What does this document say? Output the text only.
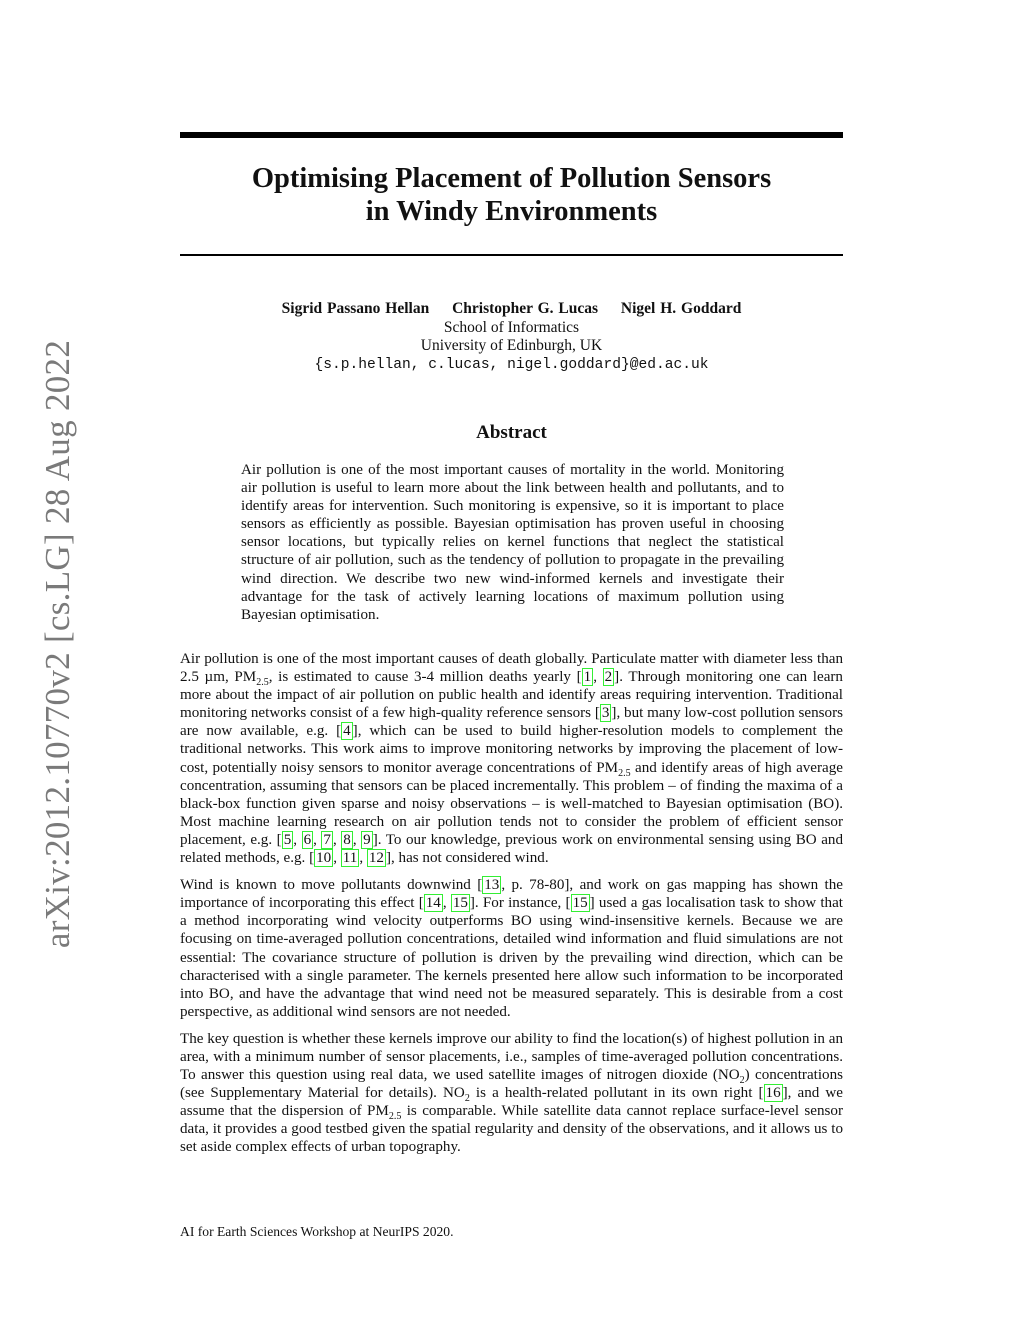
arXiv:2012.10770v2 [cs.LG] 28 Aug 2022
Optimising Placement of Pollution Sensors
in Windy Environments
Sigrid Passano Hellan Christopher G. Lucas Nigel H. Goddard
School of Informatics
University of Edinburgh, UK
{s.p.hellan, c.lucas, nigel.goddard}@ed.ac.uk
Abstract

Air pollution is one of the most important causes of mortality in the world. Monitoring air pollution is useful to learn more about the link between health and pollutants, and to identify areas for intervention. Such monitoring is expensive, so it is important to place sensors as efficiently as possible. Bayesian optimisation has proven useful in choosing sensor locations, but typically relies on kernel functions that neglect the statistical structure of air pollution, such as the tendency of pollution to propagate in the prevailing wind direction. We describe two new wind-informed kernels and investigate their advantage for the task of actively learning locations of maximum pollution using Bayesian optimisation.

Air pollution is one of the most important causes of death globally. Particulate matter with diameter less than 2.5 µm, $PM_{2.5}$, is estimated to cause 3-4 million deaths yearly [ 1 , 2 ]. Through monitoring one can learn more about the impact of air pollution on public health and identify areas requiring intervention. Traditional monitoring networks consist of a few high-quality reference sensors [ 3 ], but many low-cost pollution sensors are now available, e.g. [ 4 ], which can be used to build higher-resolution models to complement the traditional networks. This work aims to improve monitoring networks by improving the placement of low-cost, potentially noisy sensors to monitor average concentrations of $PM_{2.5}$ and identify areas of high average concentration, assuming that sensors can be placed incrementally. This problem – of finding the maxima of a black-box function given sparse and noisy observations – is well-matched to Bayesian optimisation (BO). Most machine learning research on air pollution tends not to consider the problem of efficient sensor placement, e.g. [ 5 , 6 , 7 , 8 , 9 ]. To our knowledge, previous work on environmental sensing using BO and related methods, e.g. [ 10 , 11 , 12 ], has not considered wind.

Wind is known to move pollutants downwind [ 13 , p. 78-80], and work on gas mapping has shown the importance of incorporating this effect [ 14 , 15 ]. For instance, [ 15 ] used a gas localisation task to show that a method incorporating wind velocity outperforms BO using wind-insensitive kernels. Because we are focusing on time-averaged pollution concentrations, detailed wind information and fluid simulations are not essential: The covariance structure of pollution is driven by the prevailing wind direction, which can be characterised with a single parameter. The kernels presented here allow such information to be incorporated into BO, and have the advantage that wind need not be measured separately. This is desirable from a cost perspective, as additional wind sensors are not needed.

The key question is whether these kernels improve our ability to find the location(s) of highest pollution in an area, with a minimum number of sensor placements, i.e., samples of time-averaged pollution concentrations. To answer this question using real data, we used satellite images of nitrogen dioxide $(NO_2)$ concentrations (see Supplementary Material for details). $NO_2$ is a health-related pollutant in its own right [ 16 ], and we assume that the dispersion of $PM_{2.5}$ is comparable. While satellite data cannot replace surface-level sensor data, it provides a good testbed given the spatial regularity and density of the observations, and it allows us to set aside complex effects of urban topography.

AI for Earth Sciences Workshop at NeurIPS 2020.
